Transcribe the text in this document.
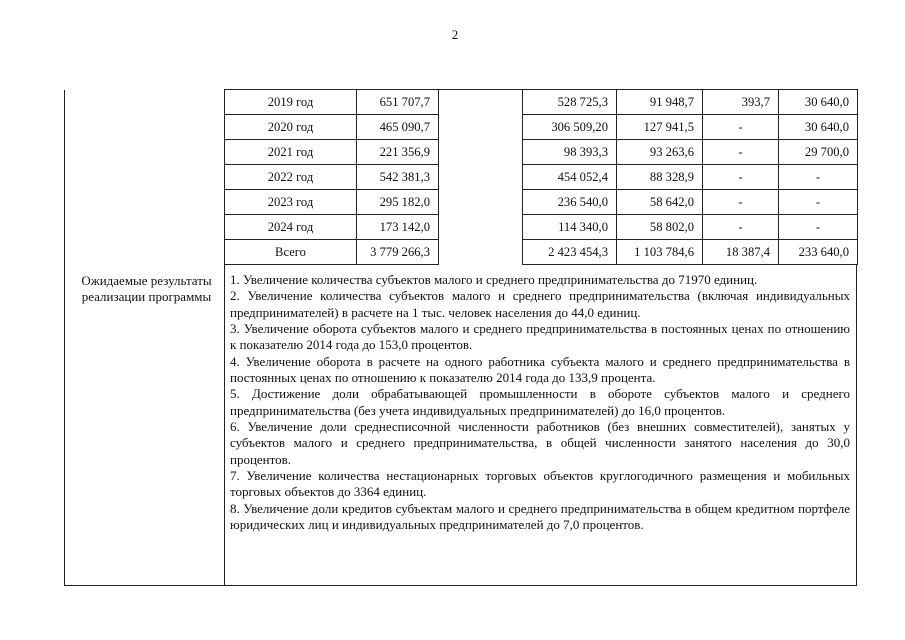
2
	2019 год	651 707,7		528 725,3	91 948,7	393,7	30 640,0
	2020 год	465 090,7		306 509,20	127 941,5	-	30 640,0
	2021 год	221 356,9		98 393,3	93 263,6	-	29 700,0
	2022 год	542 381,3		454 052,4	88 328,9	-	-
	2023 год	295 182,0		236 540,0	58 642,0	-	-
	2024 год	173 142,0		114 340,0	58 802,0	-	-
	Всего	3 779 266,3		2 423 454,3	1 103 784,6	18 387,4	233 640,0
Ожидаемые результаты реализации программы

1. Увеличение количества субъектов малого и среднего предпринимательства до 71970 единиц.

2. Увеличение количества субъектов малого и среднего предпринимательства (включая индивидуальных предпринимателей) в расчете на 1 тыс. человек населения до 44,0 единиц.

3. Увеличение оборота субъектов малого и среднего предпринимательства в постоянных ценах по отношению к показателю 2014 года до 153,0 процентов.

4. Увеличение оборота в расчете на одного работника субъекта малого и среднего предпринимательства в постоянных ценах по отношению к показателю 2014 года до 133,9 процента.

5. Достижение доли обрабатывающей промышленности в обороте субъектов малого и среднего предпринимательства (без учета индивидуальных предпринимателей) до 16,0 процентов.

6. Увеличение доли среднесписочной численности работников (без внешних совместителей), занятых у субъектов малого и среднего предпринимательства, в общей численности занятого населения до 30,0 процентов.

7. Увеличение количества нестационарных торговых объектов круглогодичного размещения и мобильных торговых объектов до 3364 единиц.

8. Увеличение доли кредитов субъектам малого и среднего предпринимательства в общем кредитном портфеле юридических лиц и индивидуальных предпринимателей до 7,0 процентов.
